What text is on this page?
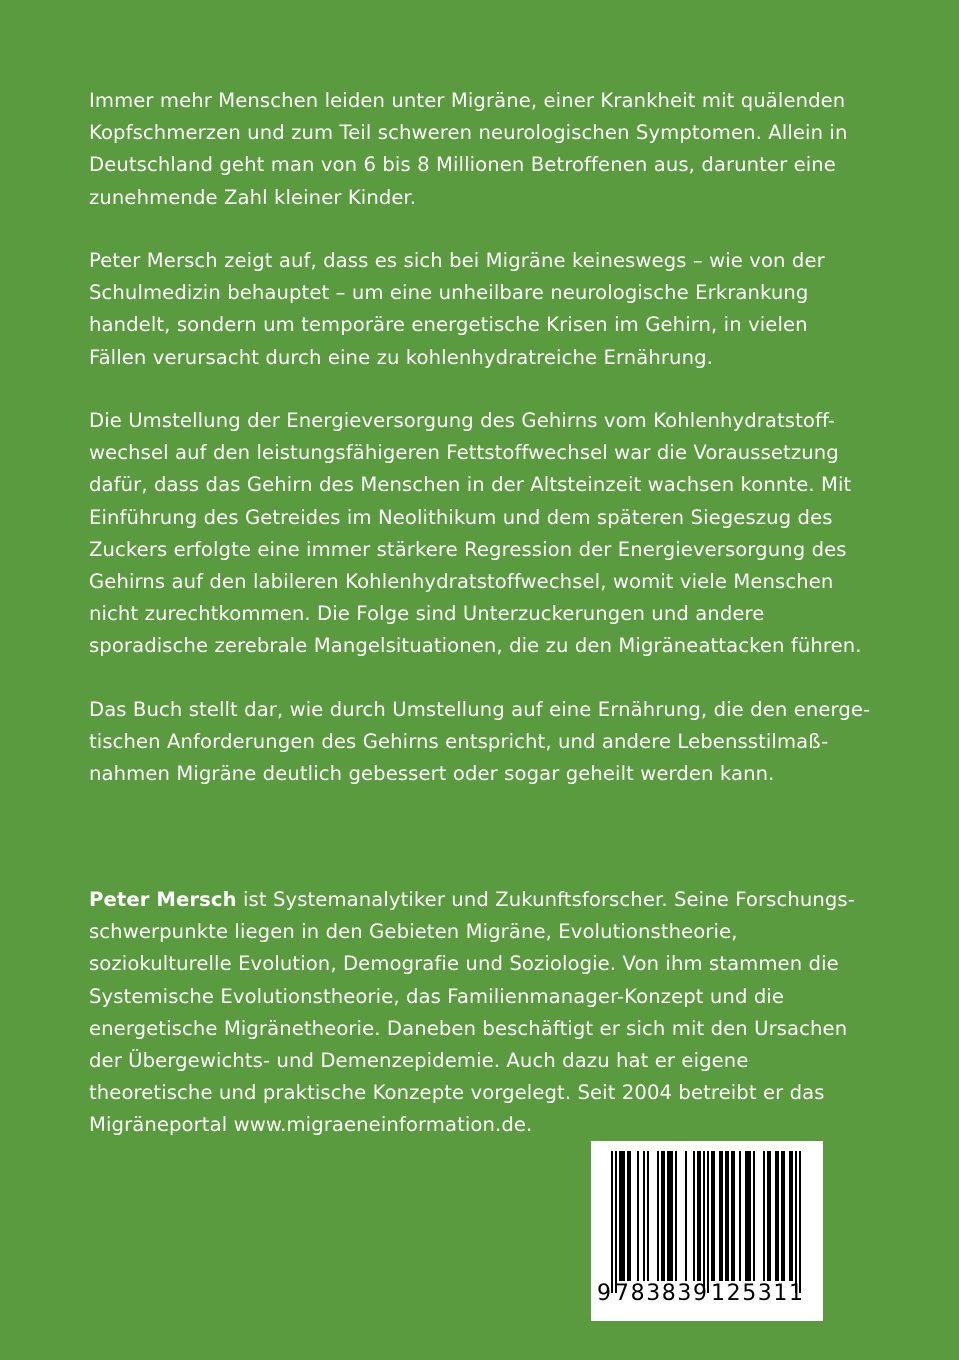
Immer mehr Menschen leiden unter Migräne, einer Krankheit mit quälenden
Kopfschmerzen und zum Teil schweren neurologischen Symptomen. Allein in
Deutschland geht man von 6 bis 8 Millionen Betroffenen aus, darunter eine
zunehmende Zahl kleiner Kinder.
Peter Mersch zeigt auf, dass es sich bei Migräne keineswegs – wie von der
Schulmedizin behauptet – um eine unheilbare neurologische Erkrankung
handelt, sondern um temporäre energetische Krisen im Gehirn, in vielen
Fällen verursacht durch eine zu kohlenhydratreiche Ernährung.
Die Umstellung der Energieversorgung des Gehirns vom Kohlenhydratstoff-
wechsel auf den leistungsfähigeren Fettstoffwechsel war die Voraussetzung
dafür, dass das Gehirn des Menschen in der Altsteinzeit wachsen konnte. Mit
Einführung des Getreides im Neolithikum und dem späteren Siegeszug des
Zuckers erfolgte eine immer stärkere Regression der Energieversorgung des
Gehirns auf den labileren Kohlenhydratstoffwechsel, womit viele Menschen
nicht zurechtkommen. Die Folge sind Unterzuckerungen und andere
sporadische zerebrale Mangelsituationen, die zu den Migräneattacken führen.
Das Buch stellt dar, wie durch Umstellung auf eine Ernährung, die den energe-
tischen Anforderungen des Gehirns entspricht, und andere Lebensstilmaß-
nahmen Migräne deutlich gebessert oder sogar geheilt werden kann.
Peter Mersch ist Systemanalytiker und Zukunftsforscher. Seine Forschungs-
schwerpunkte liegen in den Gebieten Migräne, Evolutionstheorie,
soziokulturelle Evolution, Demografie und Soziologie. Von ihm stammen die
Systemische Evolutionstheorie, das Familienmanager-Konzept und die
energetische Migränetheorie. Daneben beschäftigt er sich mit den Ursachen
der Übergewichts- und Demenzepidemie. Auch dazu hat er eigene
theoretische und praktische Konzepte vorgelegt. Seit 2004 betreibt er das
Migräneportal www.migraeneinformation.de.
9 783839 125311
